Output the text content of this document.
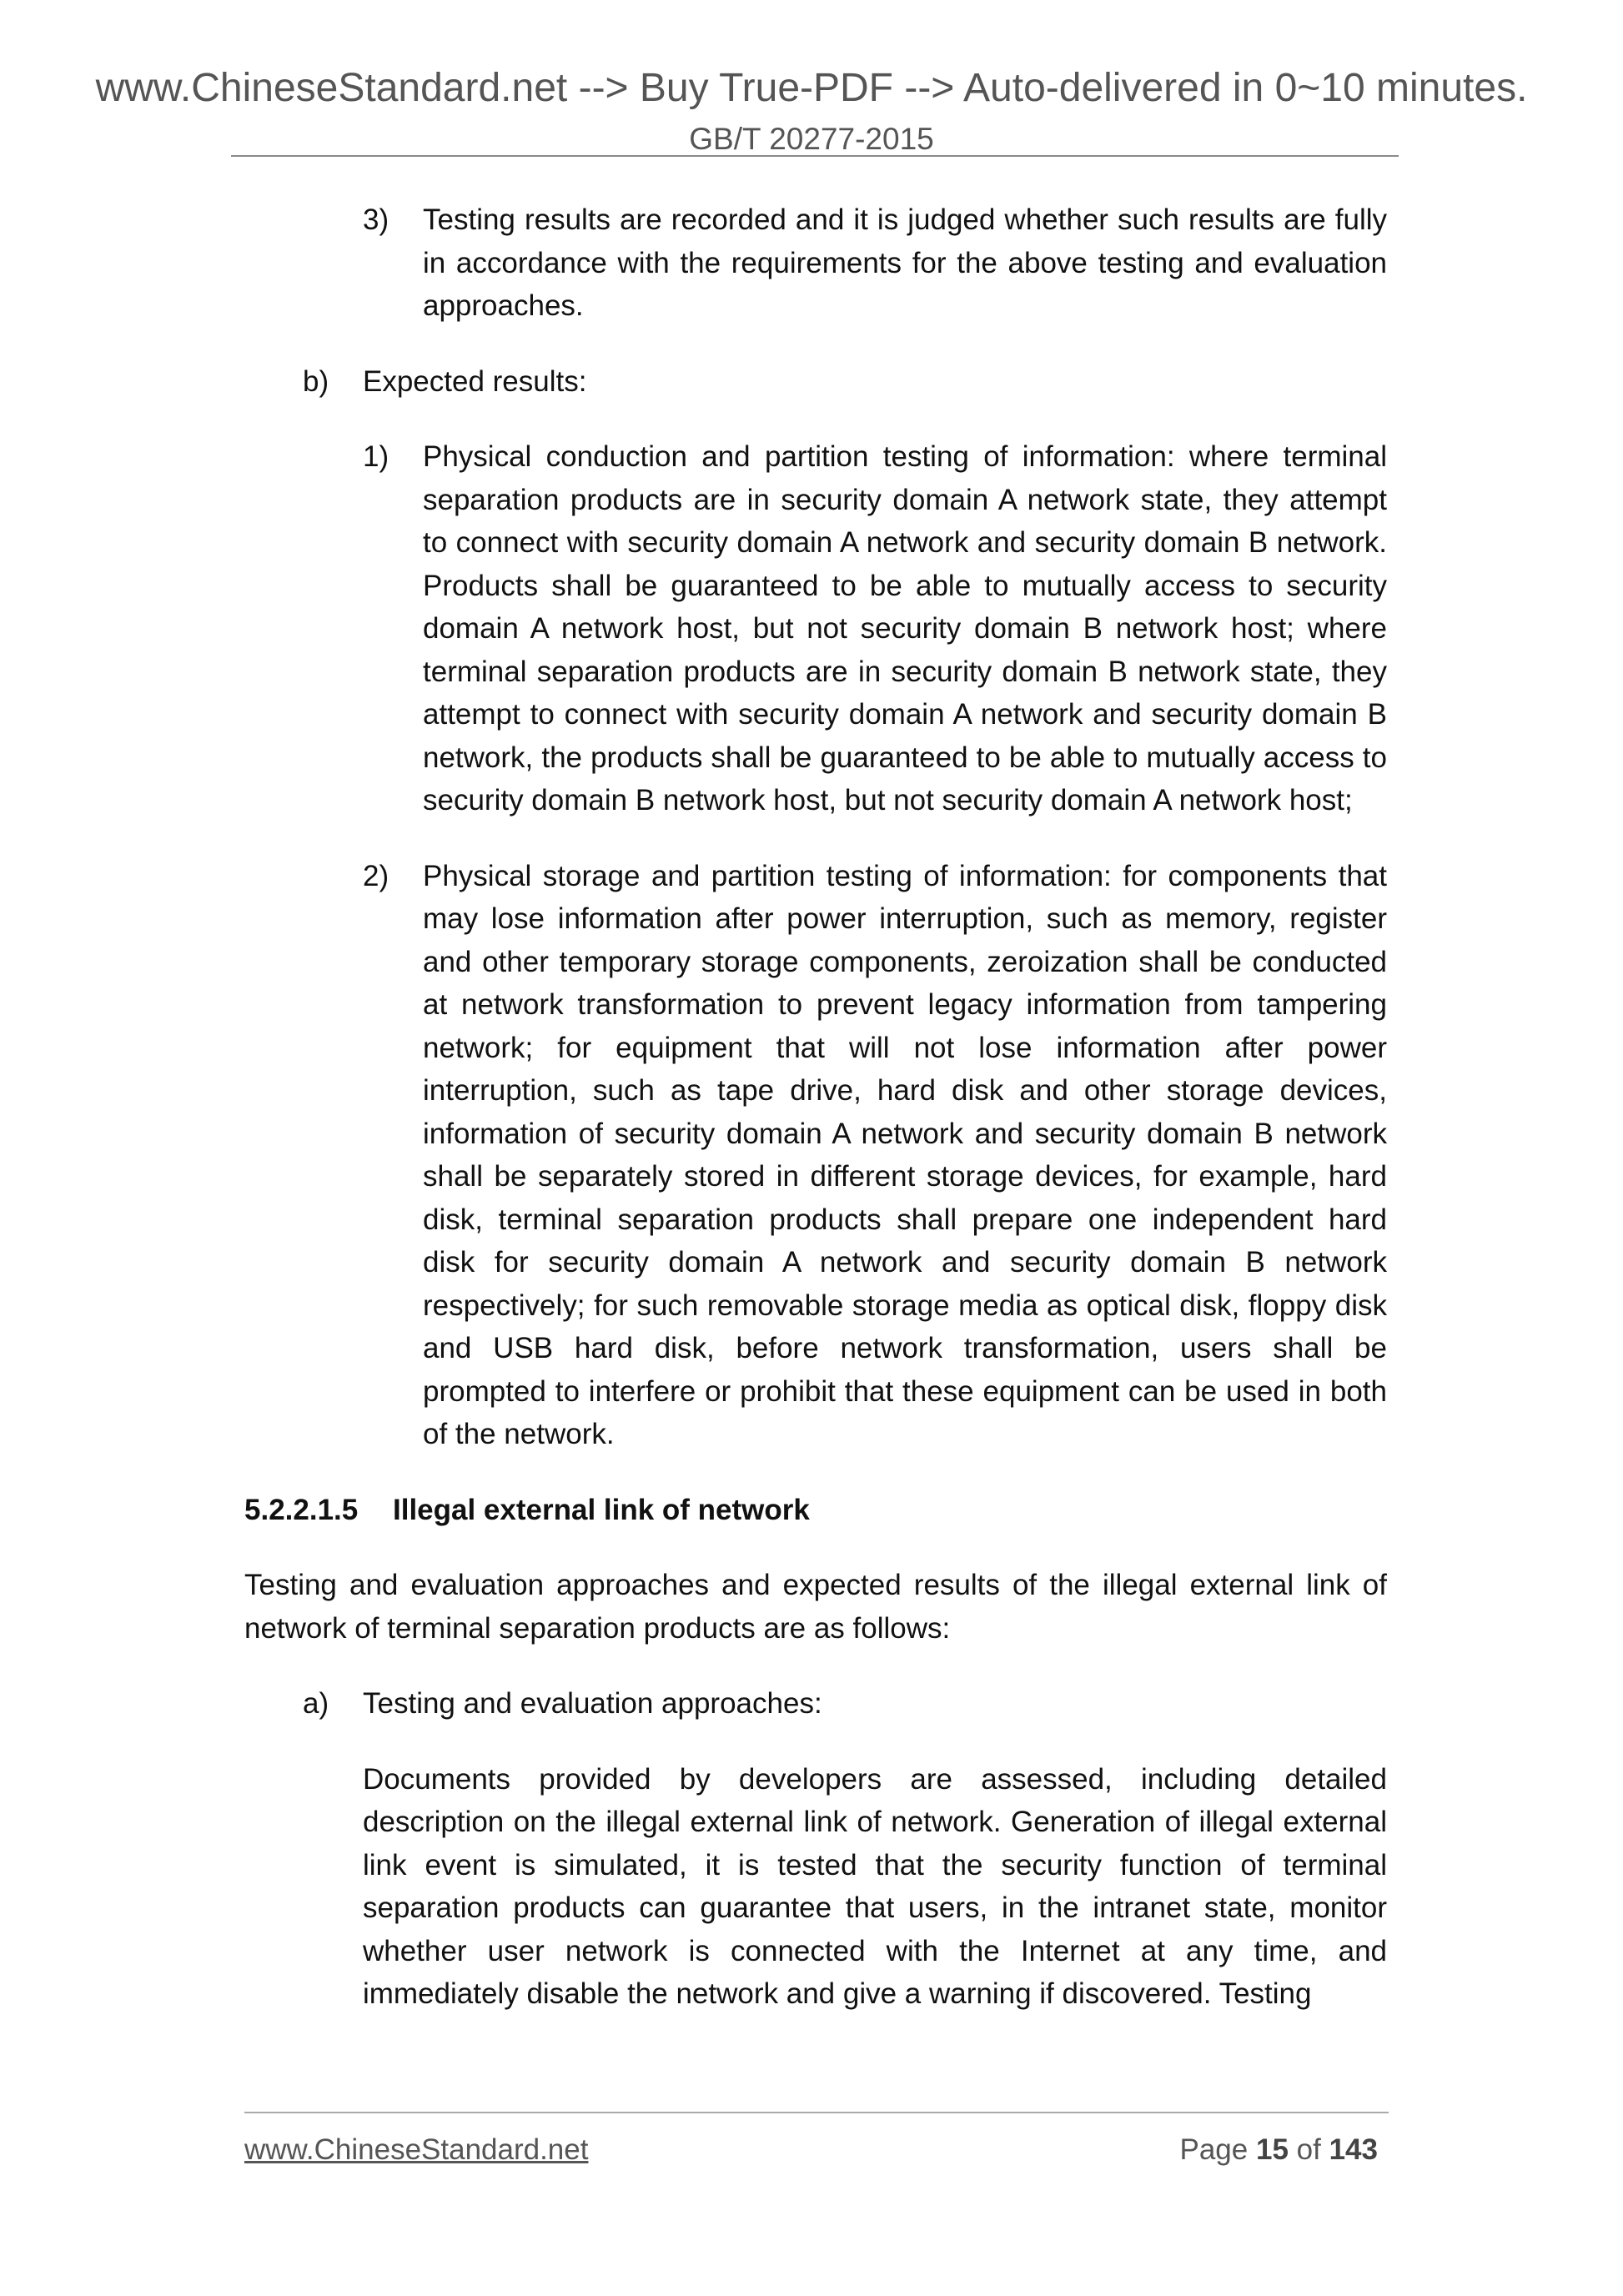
www.ChineseStandard.net --> Buy True-PDF --> Auto-delivered in 0~10 minutes.
GB/T 20277-2015
3) Testing results are recorded and it is judged whether such results are fully in accordance with the requirements for the above testing and evaluation approaches.
b) Expected results:
1) Physical conduction and partition testing of information: where terminal separation products are in security domain A network state, they attempt to connect with security domain A network and security domain B network. Products shall be guaranteed to be able to mutually access to security domain A network host, but not security domain B network host; where terminal separation products are in security domain B network state, they attempt to connect with security domain A network and security domain B network, the products shall be guaranteed to be able to mutually access to security domain B network host, but not security domain A network host;
2) Physical storage and partition testing of information: for components that may lose information after power interruption, such as memory, register and other temporary storage components, zeroization shall be conducted at network transformation to prevent legacy information from tampering network; for equipment that will not lose information after power interruption, such as tape drive, hard disk and other storage devices, information of security domain A network and security domain B network shall be separately stored in different storage devices, for example, hard disk, terminal separation products shall prepare one independent hard disk for security domain A network and security domain B network respectively; for such removable storage media as optical disk, floppy disk and USB hard disk, before network transformation, users shall be prompted to interfere or prohibit that these equipment can be used in both of the network.
5.2.2.1.5 Illegal external link of network
Testing and evaluation approaches and expected results of the illegal external link of network of terminal separation products are as follows:
a) Testing and evaluation approaches:
Documents provided by developers are assessed, including detailed description on the illegal external link of network. Generation of illegal external link event is simulated, it is tested that the security function of terminal separation products can guarantee that users, in the intranet state, monitor whether user network is connected with the Internet at any time, and immediately disable the network and give a warning if discovered. Testing
www.ChineseStandard.net	Page 15 of 143
